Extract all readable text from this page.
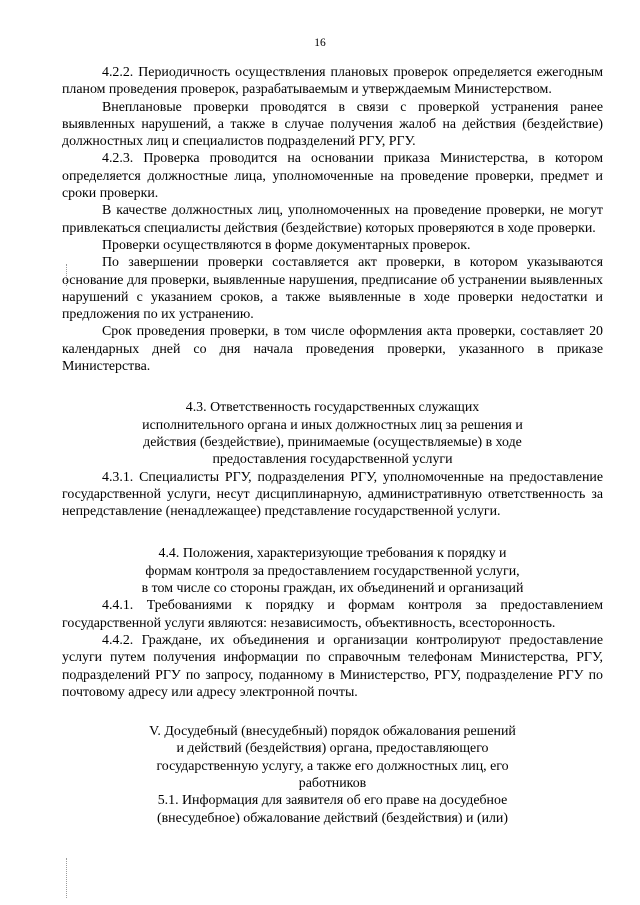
16

4.2.2. Периодичность осуществления плановых проверок определяется ежегодным планом проведения проверок, разрабатываемым и утверждаемым Министерством.

Внеплановые проверки проводятся в связи с проверкой устранения ранее выявленных нарушений, а также в случае получения жалоб на действия (бездействие) должностных лиц и специалистов подразделений РГУ, РГУ.

4.2.3. Проверка проводится на основании приказа Министерства, в котором определяется должностные лица, уполномоченные на проведение проверки, предмет и сроки проверки.

В качестве должностных лиц, уполномоченных на проведение проверки, не могут привлекаться специалисты действия (бездействие) которых проверяются в ходе проверки.

Проверки осуществляются в форме документарных проверок.

По завершении проверки составляется акт проверки, в котором указываются основание для проверки, выявленные нарушения, предписание об устранении выявленных нарушений с указанием сроков, а также выявленные в ходе проверки недостатки и предложения по их устранению.

Срок проведения проверки, в том числе оформления акта проверки, составляет 20 календарных дней со дня начала проведения проверки, указанного в приказе Министерства.

4.3. Ответственность государственных служащих
исполнительного органа и иных должностных лиц за решения и
действия (бездействие), принимаемые (осуществляемые) в ходе
предоставления государственной услуги

4.3.1. Специалисты РГУ, подразделения РГУ, уполномоченные на предоставление государственной услуги, несут дисциплинарную, административную ответственность за непредставление (ненадлежащее) представление государственной услуги.

4.4. Положения, характеризующие требования к порядку и
формам контроля за предоставлением государственной услуги,
в том числе со стороны граждан, их объединений и организаций

4.4.1. Требованиями к порядку и формам контроля за предоставлением государственной услуги являются: независимость, объективность, всесторонность.

4.4.2. Граждане, их объединения и организации контролируют предоставление услуги путем получения информации по справочным телефонам Министерства, РГУ, подразделений РГУ по запросу, поданному в Министерство, РГУ, подразделение РГУ по почтовому адресу или адресу электронной почты.

V. Досудебный (внесудебный) порядок обжалования решений
и действий (бездействия) органа, предоставляющего
государственную услугу, а также его должностных лиц, его
работников
5.1. Информация для заявителя об его праве на досудебное
(внесудебное) обжалование действий (бездействия) и (или)
